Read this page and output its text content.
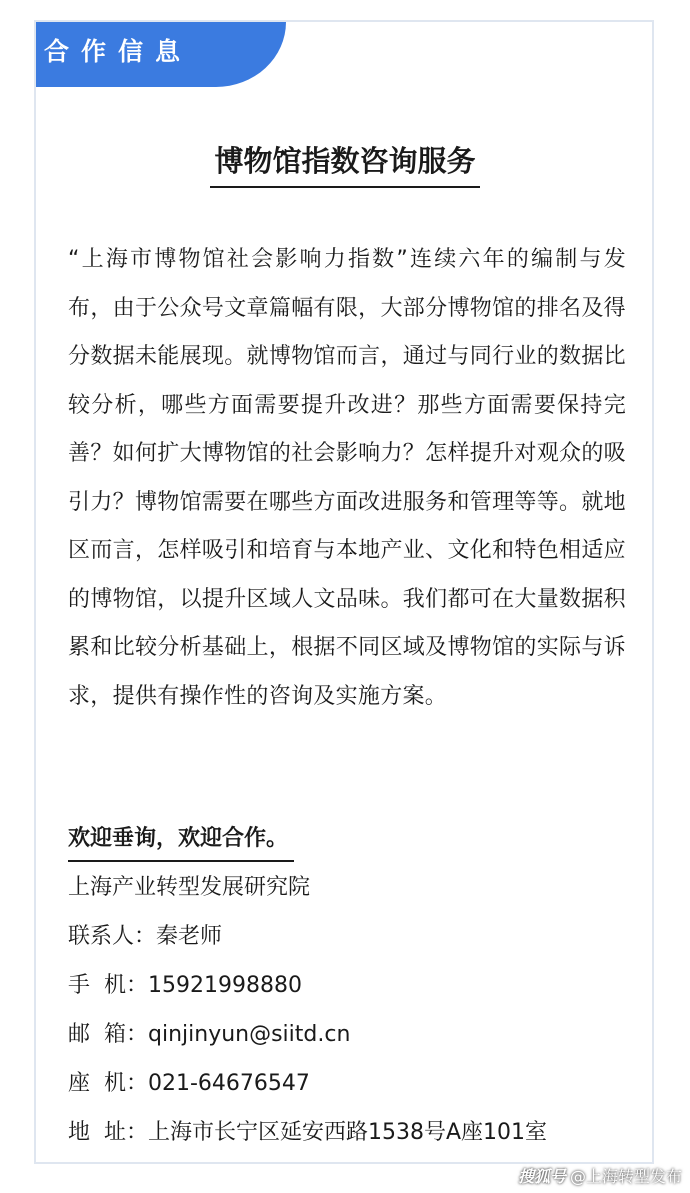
合作信息
博物馆指数咨询服务

“上海市博物馆社会影响力指数”连续六年的编制与发布，由于公众号文章篇幅有限，大部分博物馆的排名及得分数据未能展现。就博物馆而言，通过与同行业的数据比较分析，哪些方面需要提升改进？那些方面需要保持完善？如何扩大博物馆的社会影响力？怎样提升对观众的吸引力？博物馆需要在哪些方面改进服务和管理等等。就地区而言，怎样吸引和培育与本地产业、文化和特色相适应的博物馆，以提升区域人文品味。我们都可在大量数据积累和比较分析基础上，根据不同区域及博物馆的实际与诉求，提供有操作性的咨询及实施方案。

欢迎垂询，欢迎合作。
上海产业转型发展研究院
联系人：秦老师
手  机：15921998880
邮  箱：qinjinyun@siitd.cn
座  机：021-64676547
地  址：上海市长宁区延安西路1538号A座101室
搜狐号 @上海转型发布
